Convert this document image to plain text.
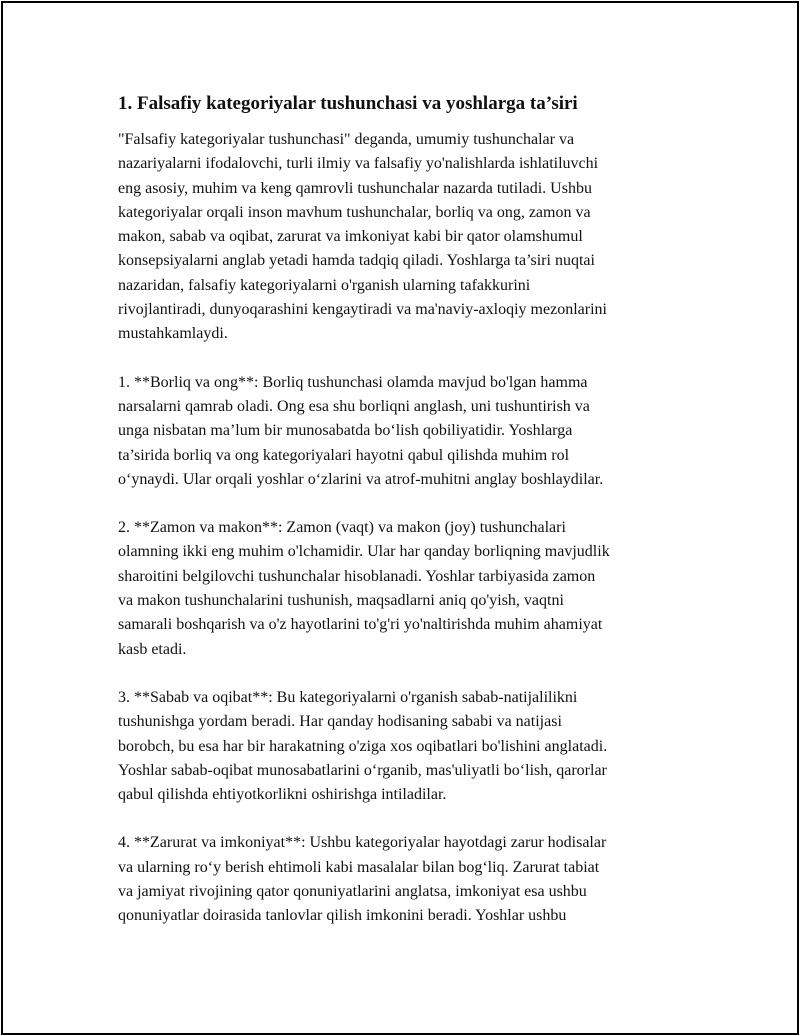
1. Falsafiy kategoriyalar tushunchasi va yoshlarga ta’siri

"Falsafiy kategoriyalar tushunchasi" deganda, umumiy tushunchalar va
nazariyalarni ifodalovchi, turli ilmiy va falsafiy yo'nalishlarda ishlatiluvchi
eng asosiy, muhim va keng qamrovli tushunchalar nazarda tutiladi. Ushbu
kategoriyalar orqali inson mavhum tushunchalar, borliq va ong, zamon va
makon, sabab va oqibat, zarurat va imkoniyat kabi bir qator olamshumul
konsepsiyalarni anglab yetadi hamda tadqiq qiladi. Yoshlarga ta’siri nuqtai
nazaridan, falsafiy kategoriyalarni o'rganish ularning tafakkurini
rivojlantiradi, dunyoqarashini kengaytiradi va ma'naviy-axloqiy mezonlarini
mustahkamlaydi.

1. **Borliq va ong**: Borliq tushunchasi olamda mavjud bo'lgan hamma
narsalarni qamrab oladi. Ong esa shu borliqni anglash, uni tushuntirish va
unga nisbatan ma’lum bir munosabatda bo‘lish qobiliyatidir. Yoshlarga
ta’sirida borliq va ong kategoriyalari hayotni qabul qilishda muhim rol
o‘ynaydi. Ular orqali yoshlar o‘zlarini va atrof-muhitni anglay boshlaydilar.

2. **Zamon va makon**: Zamon (vaqt) va makon (joy) tushunchalari
olamning ikki eng muhim o'lchamidir. Ular har qanday borliqning mavjudlik
sharoitini belgilovchi tushunchalar hisoblanadi. Yoshlar tarbiyasida zamon
va makon tushunchalarini tushunish, maqsadlarni aniq qo'yish, vaqtni
samarali boshqarish va o'z hayotlarini to'g'ri yo'naltirishda muhim ahamiyat
kasb etadi.

3. **Sabab va oqibat**: Bu kategoriyalarni o'rganish sabab-natijalilikni
tushunishga yordam beradi. Har qanday hodisaning sababi va natijasi
borobch, bu esa har bir harakatning o'ziga xos oqibatlari bo'lishini anglatadi.
Yoshlar sabab-oqibat munosabatlarini o‘rganib, mas'uliyatli bo‘lish, qarorlar
qabul qilishda ehtiyotkorlikni oshirishga intiladilar.

4. **Zarurat va imkoniyat**: Ushbu kategoriyalar hayotdagi zarur hodisalar
va ularning ro‘y berish ehtimoli kabi masalalar bilan bog‘liq. Zarurat tabiat
va jamiyat rivojining qator qonuniyatlarini anglatsa, imkoniyat esa ushbu
qonuniyatlar doirasida tanlovlar qilish imkonini beradi. Yoshlar ushbu
